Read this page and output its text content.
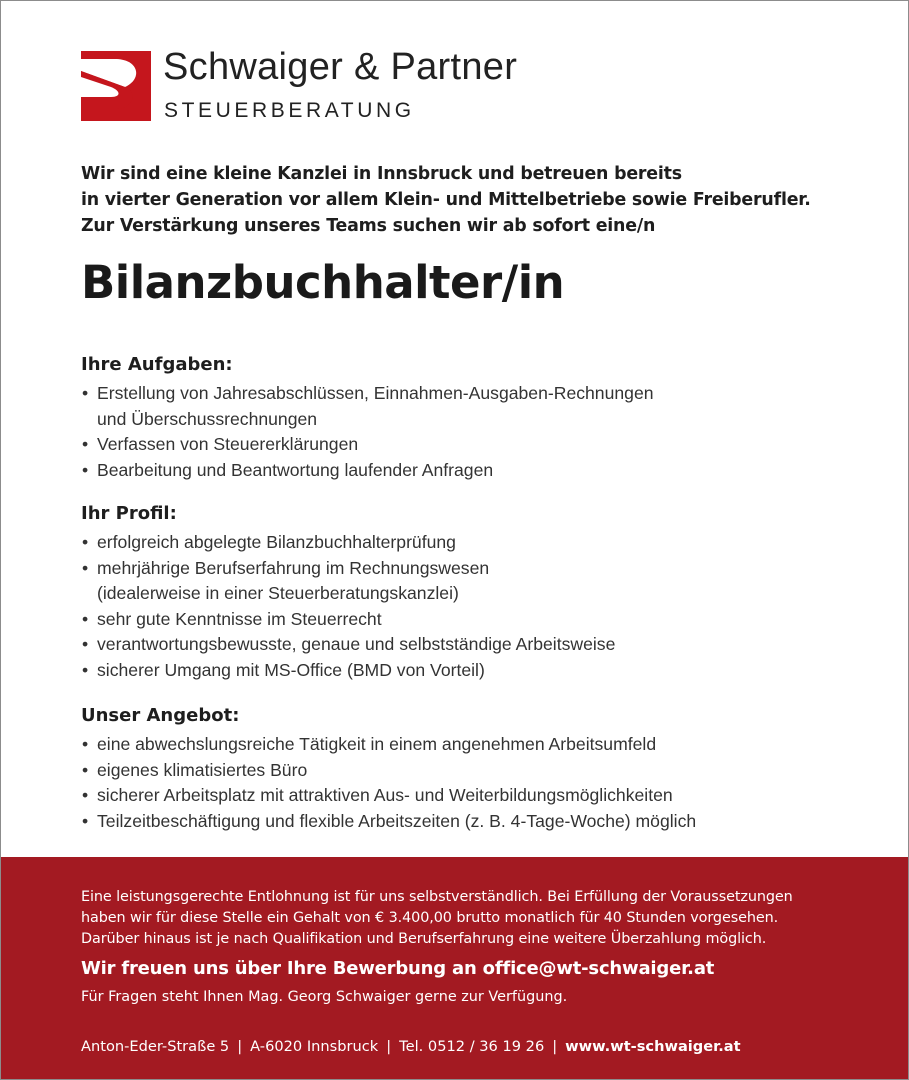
Schwaiger & Partner
STEUERBERATUNG
Wir sind eine kleine Kanzlei in Innsbruck und betreuen bereits
in vierter Generation vor allem Klein- und Mittelbetriebe sowie Freiberufler.
Zur Verstärkung unseres Teams suchen wir ab sofort eine/n
Bilanzbuchhalter/in
Ihre Aufgaben:
• Erstellung von Jahresabschlüssen, Einnahmen-Ausgaben-Rechnungen
und Überschussrechnungen
• Verfassen von Steuererklärungen
• Bearbeitung und Beantwortung laufender Anfragen
Ihr Profil:
• erfolgreich abgelegte Bilanzbuchhalterprüfung
• mehrjährige Berufserfahrung im Rechnungswesen
(idealerweise in einer Steuerberatungskanzlei)
• sehr gute Kenntnisse im Steuerrecht
• verantwortungsbewusste, genaue und selbstständige Arbeitsweise
• sicherer Umgang mit MS-Office (BMD von Vorteil)
Unser Angebot:
• eine abwechslungsreiche Tätigkeit in einem angenehmen Arbeitsumfeld
• eigenes klimatisiertes Büro
• sicherer Arbeitsplatz mit attraktiven Aus- und Weiterbildungsmöglichkeiten
• Teilzeitbeschäftigung und flexible Arbeitszeiten (z. B. 4-Tage-Woche) möglich
Eine leistungsgerechte Entlohnung ist für uns selbstverständlich. Bei Erfüllung der Voraussetzungen
haben wir für diese Stelle ein Gehalt von € 3.400,00 brutto monatlich für 40 Stunden vorgesehen.
Darüber hinaus ist je nach Qualifikation und Berufserfahrung eine weitere Überzahlung möglich.
Wir freuen uns über Ihre Bewerbung an office@wt-schwaiger.at
Für Fragen steht Ihnen Mag. Georg Schwaiger gerne zur Verfügung.
Anton-Eder-Straße 5 | A-6020 Innsbruck | Tel. 0512 / 36 19 26 | www.wt-schwaiger.at
